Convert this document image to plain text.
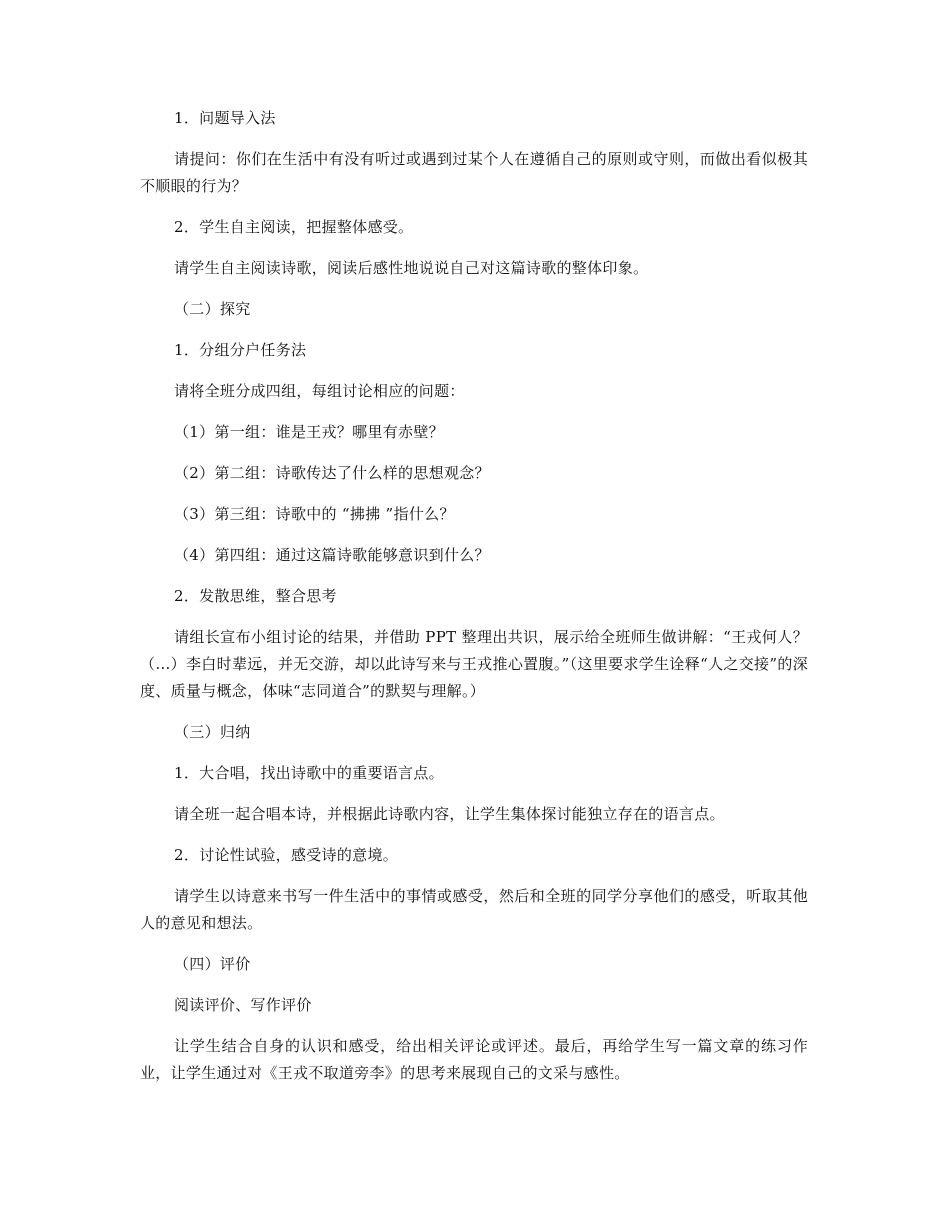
1．问题导入法

请提问：你们在生活中有没有听过或遇到过某个人在遵循自己的原则或守则，而做出看似极其不顺眼的行为？

2．学生自主阅读，把握整体感受。

请学生自主阅读诗歌，阅读后感性地说说自己对这篇诗歌的整体印象。

（二）探究

1．分组分户任务法

请将全班分成四组，每组讨论相应的问题：

（1）第一组：谁是王戎？哪里有赤壁？

（2）第二组：诗歌传达了什么样的思想观念？

（3）第三组：诗歌中的 “拂拂 ”指什么？

（4）第四组：通过这篇诗歌能够意识到什么？

2．发散思维，整合思考

请组长宣布小组讨论的结果，并借助 PPT 整理出共识，展示给全班师生做讲解：“王戎何人？（…）李白时辈远，并无交游，却以此诗写来与王戎推心置腹。”（这里要求学生诠释“人之交接”的深度、质量与概念，体味“志同道合”的默契与理解。）

（三）归纳

1．大合唱，找出诗歌中的重要语言点。

请全班一起合唱本诗，并根据此诗歌内容，让学生集体探讨能独立存在的语言点。

2．讨论性试验，感受诗的意境。

请学生以诗意来书写一件生活中的事情或感受，然后和全班的同学分享他们的感受，听取其他人的意见和想法。

（四）评价

阅读评价、写作评价

让学生结合自身的认识和感受，给出相关评论或评述。最后，再给学生写一篇文章的练习作业，让学生通过对《王戎不取道旁李》的思考来展现自己的文采与感性。
